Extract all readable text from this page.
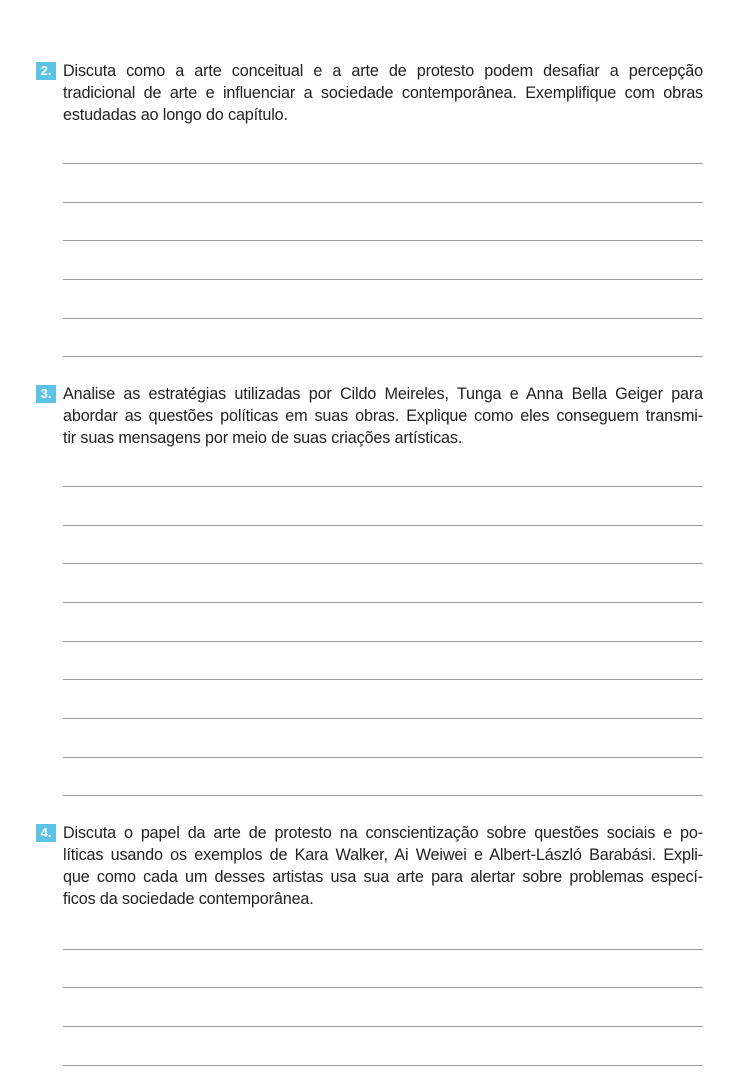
2. Discuta como a arte conceitual e a arte de protesto podem desafiar a percepção
tradicional de arte e influenciar a sociedade contemporânea. Exemplifique com obras
estudadas ao longo do capítulo.
3. Analise as estratégias utilizadas por Cildo Meireles, Tunga e Anna Bella Geiger para
abordar as questões políticas em suas obras. Explique como eles conseguem transmi-
tir suas mensagens por meio de suas criações artísticas.
4. Discuta o papel da arte de protesto na conscientização sobre questões sociais e po-
líticas usando os exemplos de Kara Walker, Ai Weiwei e Albert-László Barabási. Expli-
que como cada um desses artistas usa sua arte para alertar sobre problemas especí-
ficos da sociedade contemporânea.
